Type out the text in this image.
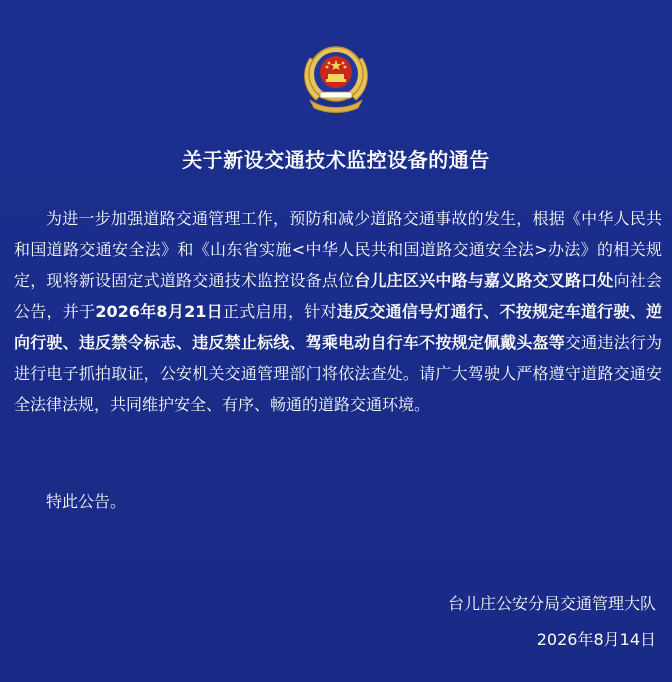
关于新设交通技术监控设备的通告

为进一步加强道路交通管理工作，预防和减少道路交通事故的发生，根据《中华人民共和国道路交通安全法》和《山东省实施<中华人民共和国道路交通安全法>办法》的相关规定，现将新设固定式道路交通技术监控设备点位台儿庄区兴中路与嘉义路交叉路口处向社会公告，并于2026年8月21日正式启用，针对违反交通信号灯通行、不按规定车道行驶、逆向行驶、违反禁令标志、违反禁止标线、驾乘电动自行车不按规定佩戴头盔等交通违法行为进行电子抓拍取证，公安机关交通管理部门将依法查处。请广大驾驶人严格遵守道路交通安全法律法规，共同维护安全、有序、畅通的道路交通环境。

特此公告。

台儿庄公安分局交通管理大队
2026年8月14日
